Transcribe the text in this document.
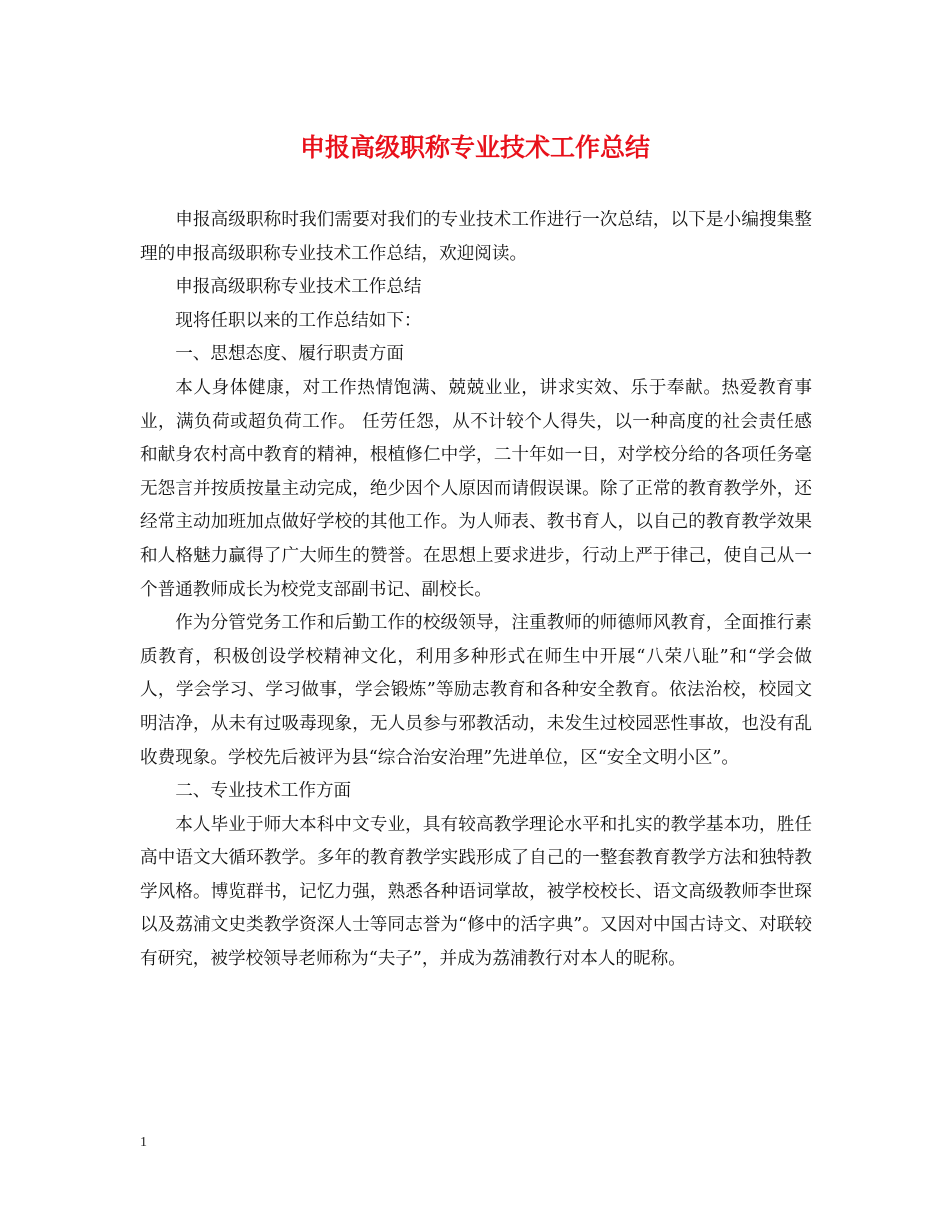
申报高级职称专业技术工作总结

申报高级职称时我们需要对我们的专业技术工作进行一次总结，以下是小编搜集整理的申报高级职称专业技术工作总结，欢迎阅读。

申报高级职称专业技术工作总结

现将任职以来的工作总结如下：

一、思想态度、履行职责方面

本人身体健康，对工作热情饱满、兢兢业业，讲求实效、乐于奉献。热爱教育事业，满负荷或超负荷工作。 任劳任怨，从不计较个人得失，以一种高度的社会责任感和献身农村高中教育的精神，根植修仁中学，二十年如一日，对学校分给的各项任务毫无怨言并按质按量主动完成，绝少因个人原因而请假误课。除了正常的教育教学外，还经常主动加班加点做好学校的其他工作。为人师表、教书育人，以自己的教育教学效果和人格魅力赢得了广大师生的赞誉。在思想上要求进步，行动上严于律己，使自己从一个普通教师成长为校党支部副书记、副校长。

作为分管党务工作和后勤工作的校级领导，注重教师的师德师风教育，全面推行素质教育，积极创设学校精神文化，利用多种形式在师生中开展“八荣八耻”和“学会做人，学会学习、学习做事，学会锻炼”等励志教育和各种安全教育。依法治校，校园文明洁净，从未有过吸毒现象，无人员参与邪教活动，未发生过校园恶性事故，也没有乱收费现象。学校先后被评为县“综合治安治理”先进单位，区“安全文明小区”。

二、专业技术工作方面

本人毕业于师大本科中文专业，具有较高教学理论水平和扎实的教学基本功，胜任高中语文大循环教学。多年的教育教学实践形成了自己的一整套教育教学方法和独特教学风格。博览群书，记忆力强，熟悉各种语词掌故，被学校校长、语文高级教师李世琛以及荔浦文史类教学资深人士等同志誉为“修中的活字典”。又因对中国古诗文、对联较有研究，被学校领导老师称为“夫子”，并成为荔浦教行对本人的昵称。

1
